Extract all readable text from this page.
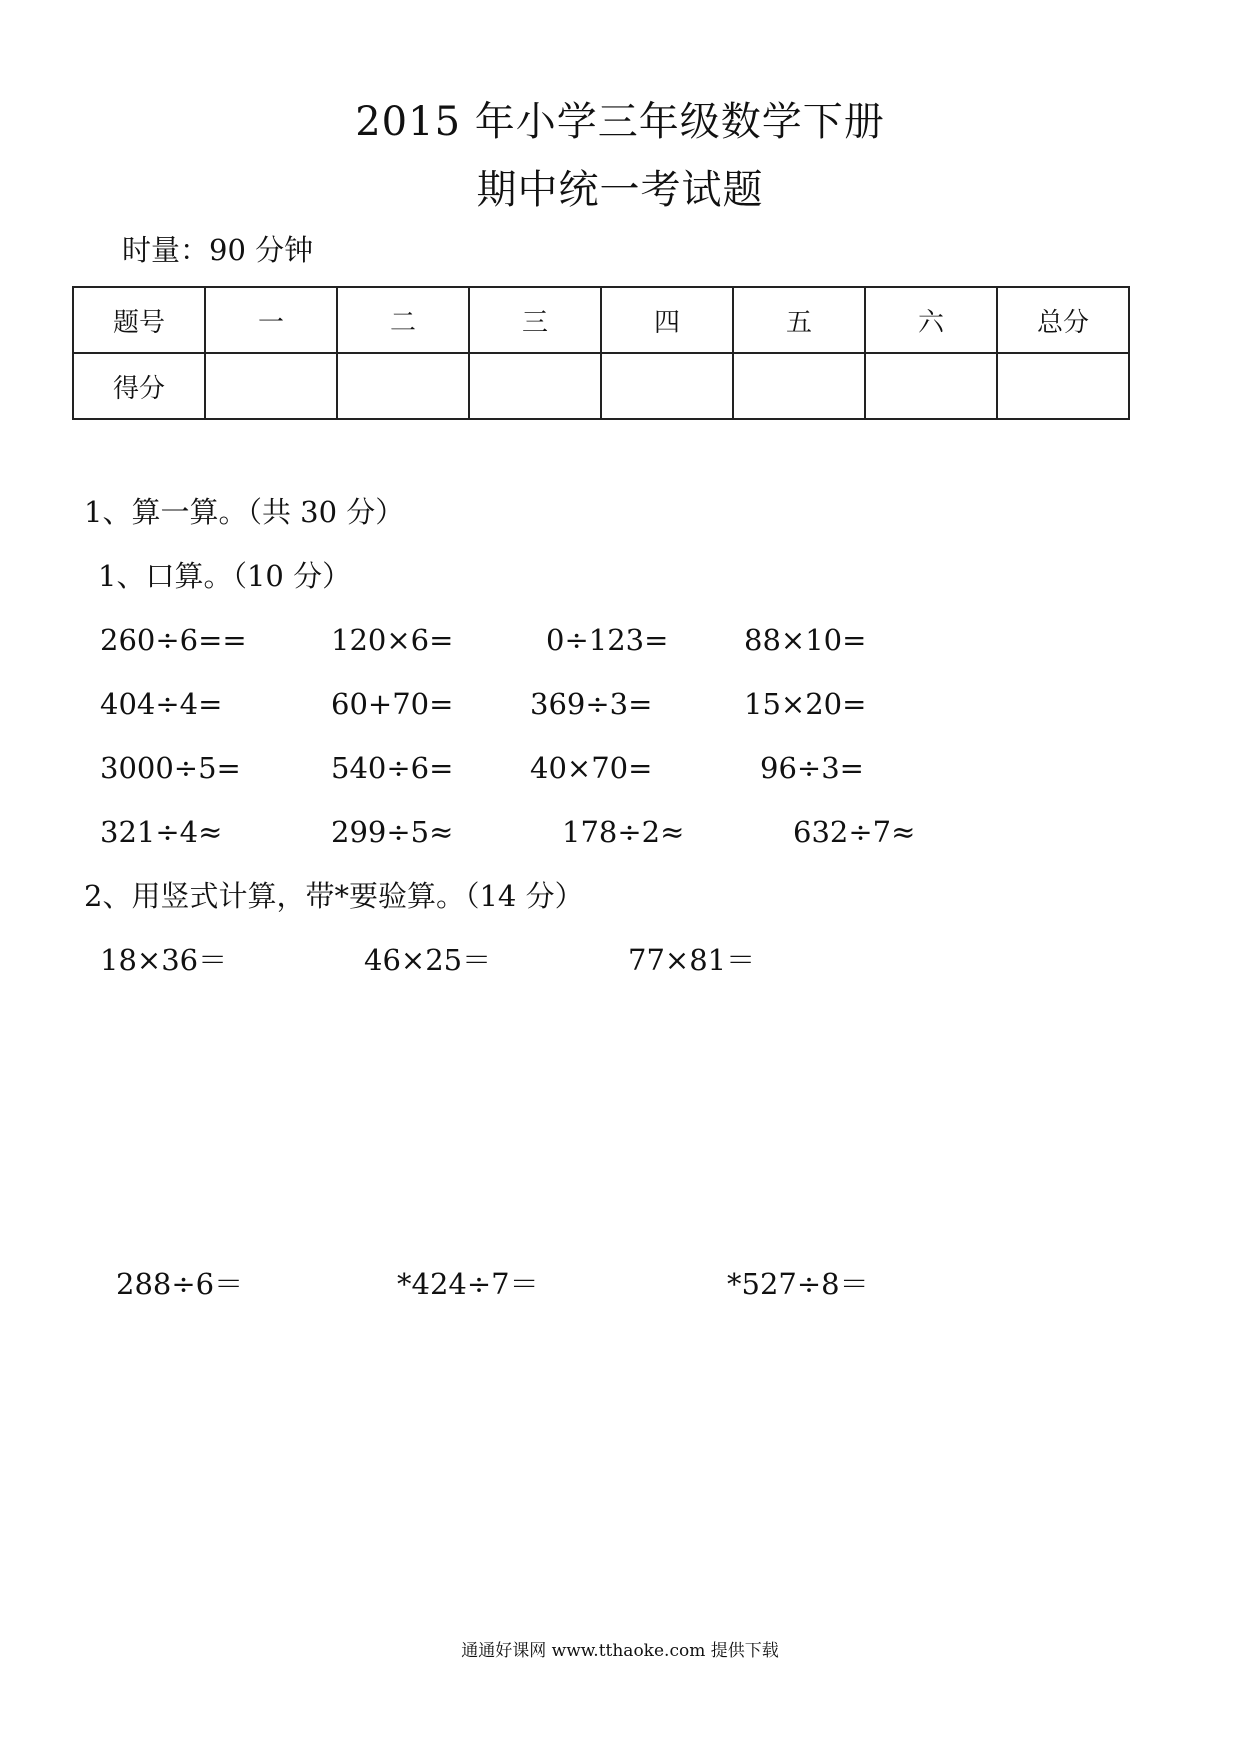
2015 年小学三年级数学下册
期中统一考试题
时量：90 分钟
题号	一	二	三	四	五	六	总分
得分							
1、算一算。（共 30 分）
1、口算。（10 分）
260÷6==	120×6=	0÷123=	88×10=
404÷4=	60+70=	369÷3=	15×20=
3000÷5=	540÷6=	40×70=	96÷3=
321÷4≈	299÷5≈	178÷2≈	632÷7≈
2、用竖式计算，带*要验算。（14 分）
18×36＝	46×25＝	77×81＝
288÷6＝	*424÷7＝	*527÷8＝
通通好课网 www.tthaoke.com 提供下载
